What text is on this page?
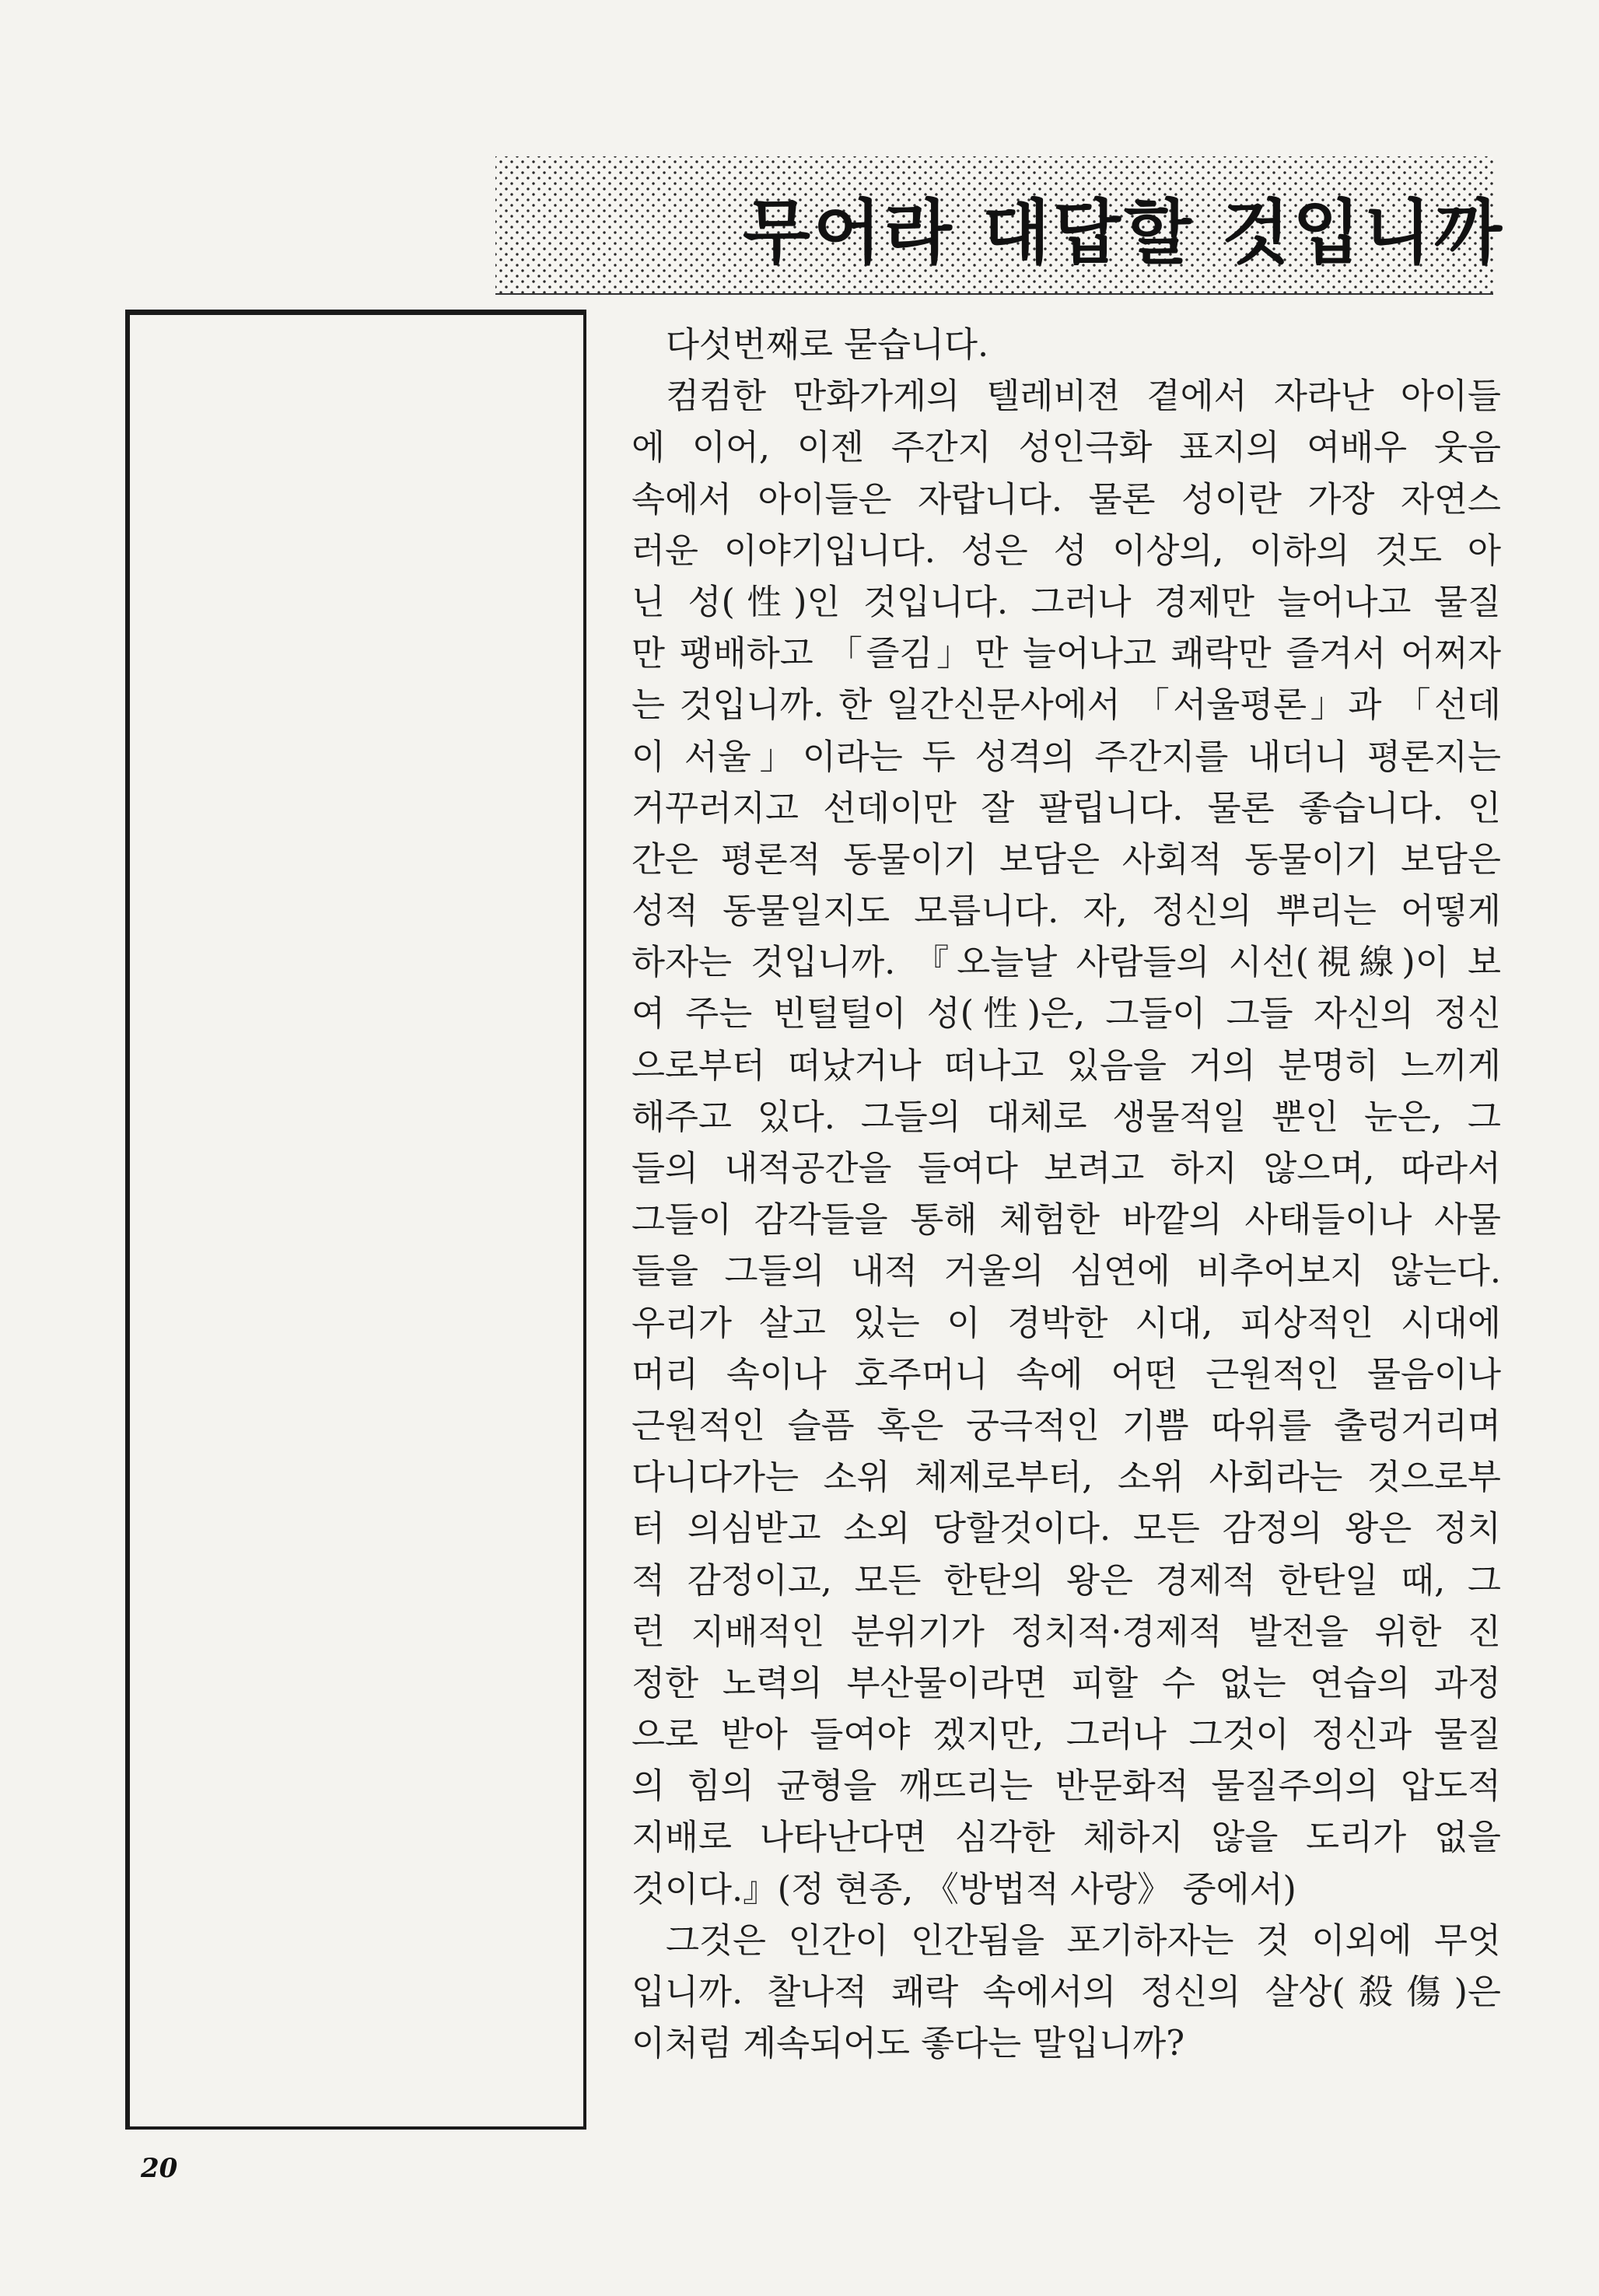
무어라 대답할 것입니까
다섯번째로 묻습니다.
컴컴한 만화가게의 텔레비젼 곁에서 자라난 아이들
에 이어, 이젠 주간지 성인극화 표지의 여배우 웃음
속에서 아이들은 자랍니다. 물론 성이란 가장 자연스
러운 이야기입니다. 성은 성 이상의, 이하의 것도 아
닌 성(性)인 것입니다. 그러나 경제만 늘어나고 물질
만 팽배하고 「즐김」만 늘어나고 쾌락만 즐겨서 어쩌자
는 것입니까. 한 일간신문사에서 「서울평론」과 「선데
이 서울」이라는 두 성격의 주간지를 내더니 평론지는
거꾸러지고 선데이만 잘 팔립니다. 물론 좋습니다. 인
간은 평론적 동물이기 보담은 사회적 동물이기 보담은
성적 동물일지도 모릅니다. 자, 정신의 뿌리는 어떻게
하자는 것입니까. 『오늘날 사람들의 시선(視線)이 보
여 주는 빈털털이 성(性)은, 그들이 그들 자신의 정신
으로부터 떠났거나 떠나고 있음을 거의 분명히 느끼게
해주고 있다. 그들의 대체로 생물적일 뿐인 눈은, 그
들의 내적공간을 들여다 보려고 하지 않으며, 따라서
그들이 감각들을 통해 체험한 바깥의 사태들이나 사물
들을 그들의 내적 거울의 심연에 비추어보지 않는다.
우리가 살고 있는 이 경박한 시대, 피상적인 시대에
머리 속이나 호주머니 속에 어떤 근원적인 물음이나
근원적인 슬픔 혹은 궁극적인 기쁨 따위를 출렁거리며
다니다가는 소위 체제로부터, 소위 사회라는 것으로부
터 의심받고 소외 당할것이다. 모든 감정의 왕은 정치
적 감정이고, 모든 한탄의 왕은 경제적 한탄일 때, 그
런 지배적인 분위기가 정치적·경제적 발전을 위한 진
정한 노력의 부산물이라면 피할 수 없는 연습의 과정
으로 받아 들여야 겠지만, 그러나 그것이 정신과 물질
의 힘의 균형을 깨뜨리는 반문화적 물질주의의 압도적
지배로 나타난다면 심각한 체하지 않을 도리가 없을
것이다.』(정 현종, 《방법적 사랑》 중에서)
그것은 인간이 인간됨을 포기하자는 것 이외에 무엇
입니까. 찰나적 쾌락 속에서의 정신의 살상(殺傷)은
이처럼 계속되어도 좋다는 말입니까?
20
